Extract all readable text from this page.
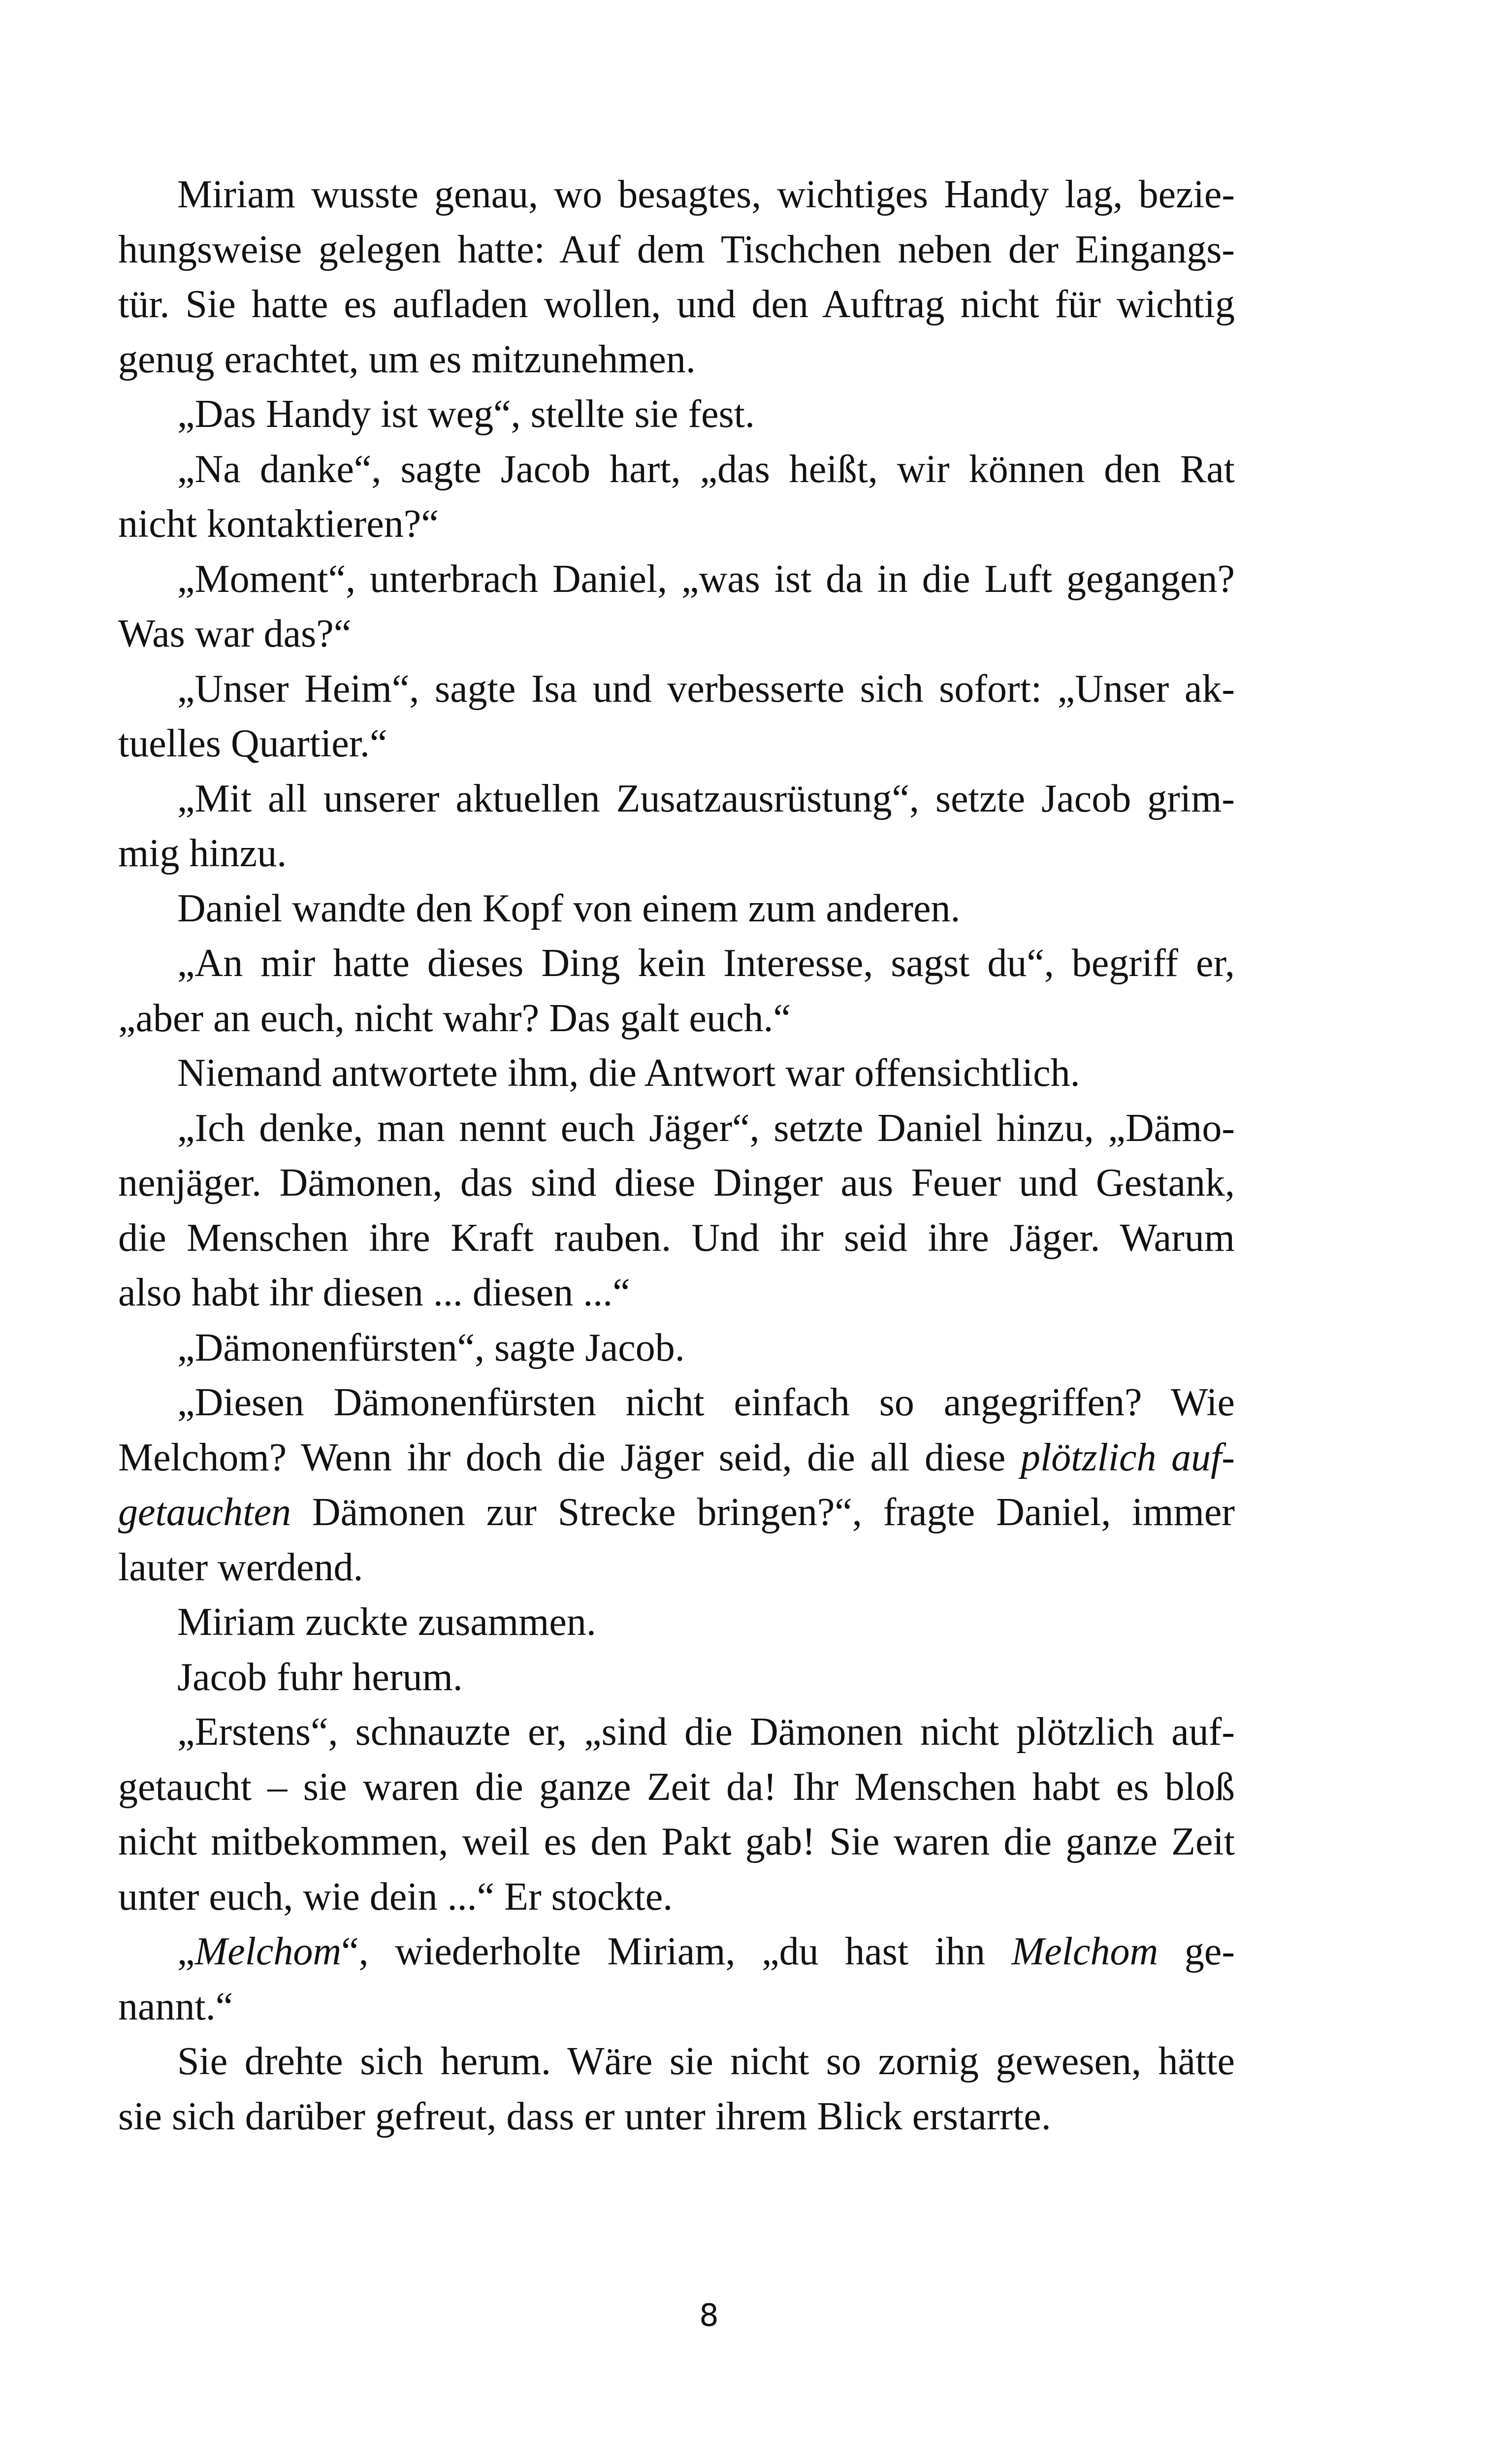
Miriam wusste genau, wo besagtes, wichtiges Handy lag, bezie-
hungsweise gelegen hatte: Auf dem Tischchen neben der Eingangs-
tür. Sie hatte es aufladen wollen, und den Auftrag nicht für wichtig
genug erachtet, um es mitzunehmen.
„Das Handy ist weg“, stellte sie fest.
„Na danke“, sagte Jacob hart, „das heißt, wir können den Rat
nicht kontaktieren?“
„Moment“, unterbrach Daniel, „was ist da in die Luft gegangen?
Was war das?“
„Unser Heim“, sagte Isa und verbesserte sich sofort: „Unser ak-
tuelles Quartier.“
„Mit all unserer aktuellen Zusatzausrüstung“, setzte Jacob grim-
mig hinzu.
Daniel wandte den Kopf von einem zum anderen.
„An mir hatte dieses Ding kein Interesse, sagst du“, begriff er,
„aber an euch, nicht wahr? Das galt euch.“
Niemand antwortete ihm, die Antwort war offensichtlich.
„Ich denke, man nennt euch Jäger“, setzte Daniel hinzu, „Dämo-
nenjäger. Dämonen, das sind diese Dinger aus Feuer und Gestank,
die Menschen ihre Kraft rauben. Und ihr seid ihre Jäger. Warum
also habt ihr diesen ... diesen ...“
„Dämonenfürsten“, sagte Jacob.
„Diesen Dämonenfürsten nicht einfach so angegriffen? Wie
Melchom? Wenn ihr doch die Jäger seid, die all diese plötzlich auf-
getauchten Dämonen zur Strecke bringen?“, fragte Daniel, immer
lauter werdend.
Miriam zuckte zusammen.
Jacob fuhr herum.
„Erstens“, schnauzte er, „sind die Dämonen nicht plötzlich auf-
getaucht – sie waren die ganze Zeit da! Ihr Menschen habt es bloß
nicht mitbekommen, weil es den Pakt gab! Sie waren die ganze Zeit
unter euch, wie dein ...“ Er stockte.
„Melchom“, wiederholte Miriam, „du hast ihn Melchom ge-
nannt.“
Sie drehte sich herum. Wäre sie nicht so zornig gewesen, hätte
sie sich darüber gefreut, dass er unter ihrem Blick erstarrte.
8
